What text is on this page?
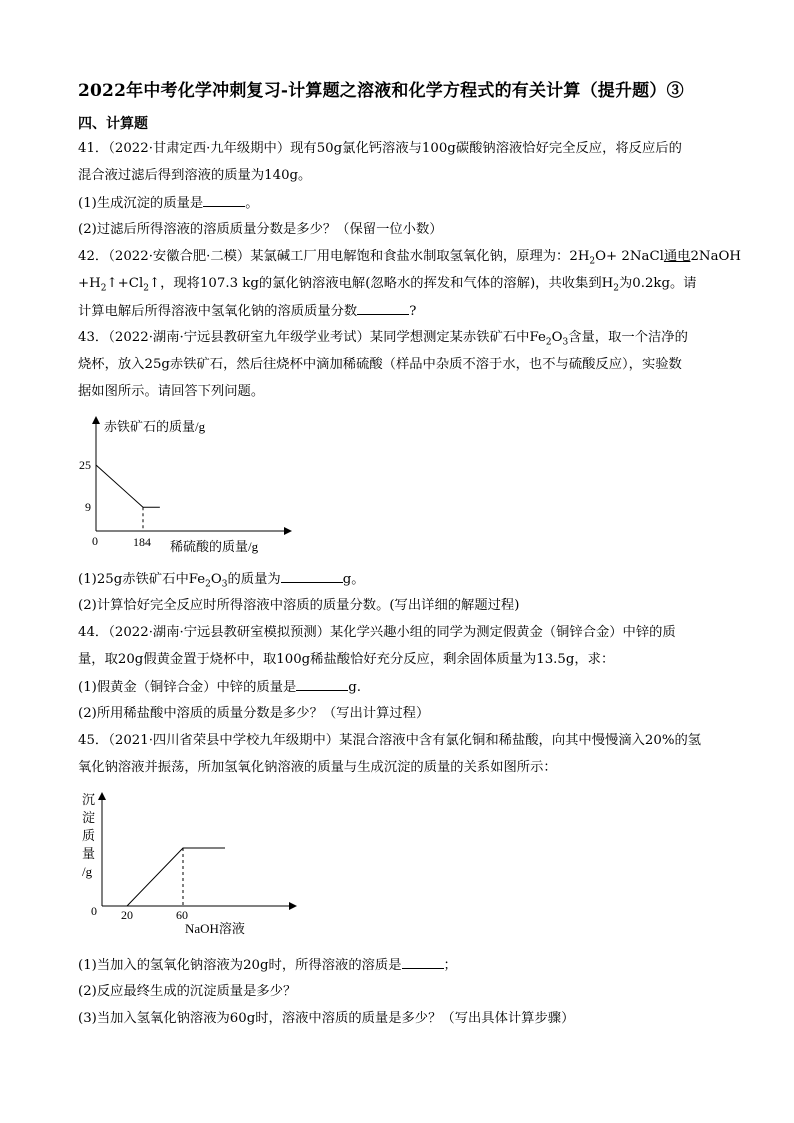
2022年中考化学冲刺复习-计算题之溶液和化学方程式的有关计算（提升题）③
四、计算题
41．（2022·甘肃定西·九年级期中）现有50g氯化钙溶液与100g碳酸钠溶液恰好完全反应，将反应后的
混合液过滤后得到溶液的质量为140g。
(1)生成沉淀的质量是	。
(2)过滤后所得溶液的溶质质量分数是多少？（保留一位小数）
42．（2022·安徽合肥·二模）某氯碱工厂用电解饱和食盐水制取氢氧化钠，原理为：$2H_2O+$ 2NaCl通电2NaOH
$+H_2↑+Cl_2↑$，现将107.3 kg的氯化钠溶液电解(忽略水的挥发和气体的溶解)，共收集到$H_2$为0.2kg。请
计算电解后所得溶液中氢氧化钠的溶质质量分数	?
43．（2022·湖南·宁远县教研室九年级学业考试）某同学想测定某赤铁矿石中$Fe_2O_3$含量，取一个洁净的
烧杯，放入25g赤铁矿石，然后往烧杯中滴加稀硫酸（样品中杂质不溶于水，也不与硫酸反应），实验数
据如图所示。请回答下列问题。
赤铁矿石的质量/g
稀硫酸的质量/g
0
25
9
184
(1)25g赤铁矿石中$Fe_2O_3$的质量为	g。
(2)计算恰好完全反应时所得溶液中溶质的质量分数。(写出详细的解题过程)
44．（2022·湖南·宁远县教研室模拟预测）某化学兴趣小组的同学为测定假黄金（铜锌合金）中锌的质
量，取20g假黄金置于烧杯中，取100g稀盐酸恰好充分反应，剩余固体质量为13.5g，求：
(1)假黄金（铜锌合金）中锌的质量是	g.
(2)所用稀盐酸中溶质的质量分数是多少？（写出计算过程）
45．（2021·四川省荣县中学校九年级期中）某混合溶液中含有氯化铜和稀盐酸，向其中慢慢滴入20%的氢
氧化钠溶液并振荡，所加氢氧化钠溶液的质量与生成沉淀的质量的关系如图所示：
沉
淀
质
量
/g
0
NaOH溶液
20	60
(1)当加入的氢氧化钠溶液为20g时，所得溶液的溶质是	；
(2)反应最终生成的沉淀质量是多少？
(3)当加入氢氧化钠溶液为60g时，溶液中溶质的质量是多少？（写出具体计算步骤）
